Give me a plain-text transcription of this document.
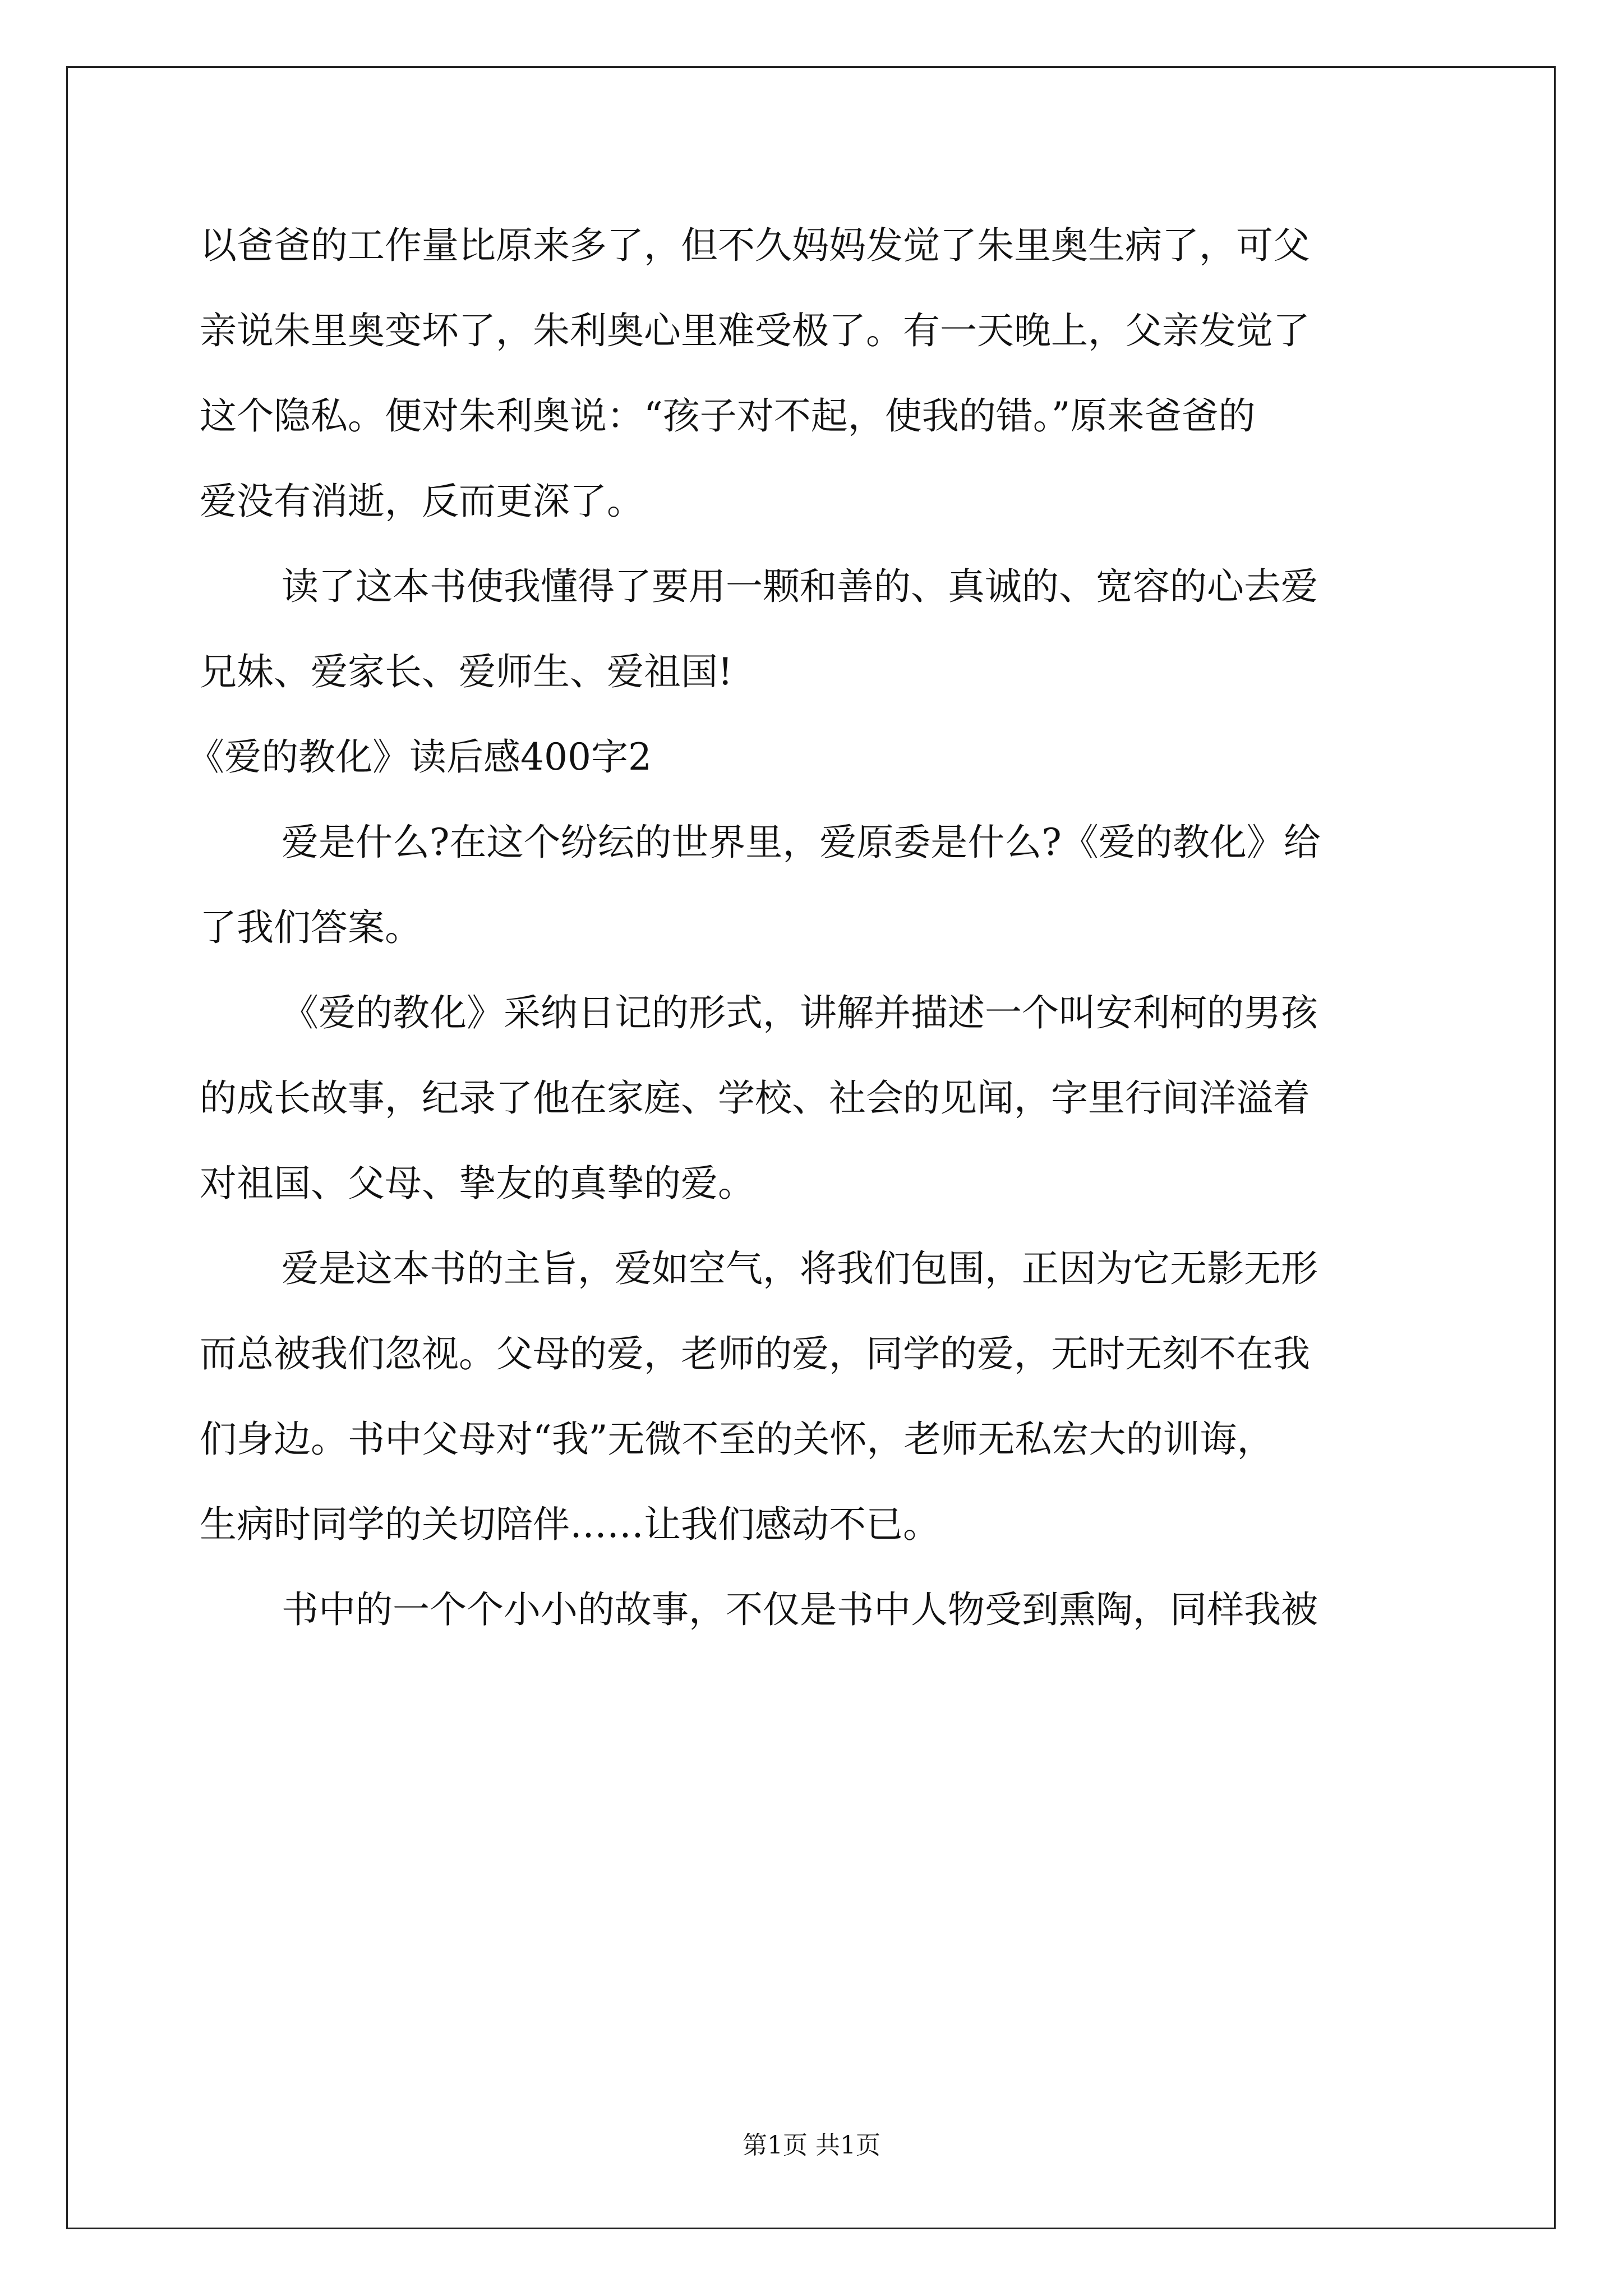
以爸爸的工作量比原来多了，但不久妈妈发觉了朱里奥生病了，可父

亲说朱里奥变坏了，朱利奥心里难受极了。有一天晚上，父亲发觉了

这个隐私。便对朱利奥说：“孩子对不起，使我的错。”原来爸爸的

爱没有消逝，反而更深了。

读了这本书使我懂得了要用一颗和善的、真诚的、宽容的心去爱

兄妹、爱家长、爱师生、爱祖国!

《爱的教化》读后感400字2

爱是什么?在这个纷纭的世界里，爱原委是什么?《爱的教化》给

了我们答案。

《爱的教化》采纳日记的形式，讲解并描述一个叫安利柯的男孩

的成长故事，纪录了他在家庭、学校、社会的见闻，字里行间洋溢着

对祖国、父母、挚友的真挚的爱。

爱是这本书的主旨，爱如空气，将我们包围，正因为它无影无形

而总被我们忽视。父母的爱，老师的爱，同学的爱，无时无刻不在我

们身边。书中父母对“我”无微不至的关怀，老师无私宏大的训诲，

生病时同学的关切陪伴……让我们感动不已。

书中的一个个小小的故事，不仅是书中人物受到熏陶，同样我被

第1页 共1页
